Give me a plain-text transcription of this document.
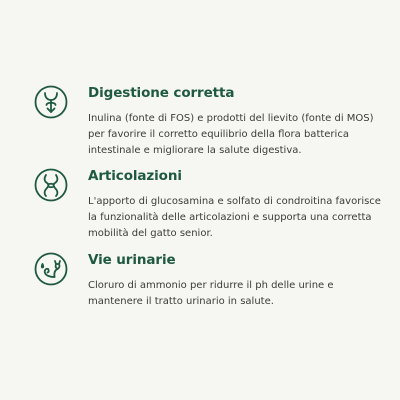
Digestione corretta

Inulina (fonte di FOS) e prodotti del lievito (fonte di MOS) per favorire il corretto equilibrio della flora batterica intestinale e migliorare la salute digestiva.

Articolazioni

L'apporto di glucosamina e solfato di condroitina favorisce la funzionalità delle articolazioni e supporta una corretta mobilità del gatto senior.

Vie urinarie

Cloruro di ammonio per ridurre il ph delle urine e mantenere il tratto urinario in salute.
